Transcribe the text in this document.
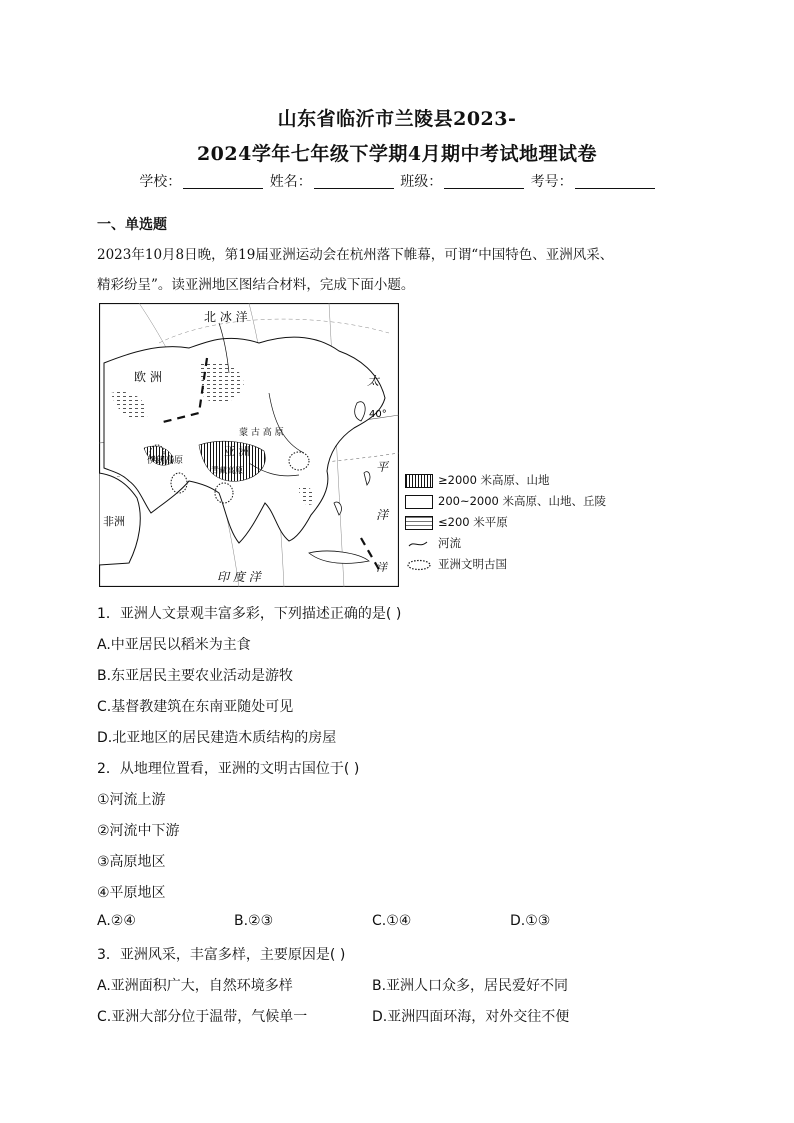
山东省临沂市兰陵县2023-
2024学年七年级下学期4月期中考试地理试卷
学校：	姓名：	班级：	考号：
一、单选题
2023年10月8日晚，第19届亚洲运动会在杭州落下帷幕，可谓“中国特色、亚洲风采、
精彩纷呈”。读亚洲地区图结合材料，完成下面小题。
北 冰 洋
欧 洲	太
40°
平
洋
蒙 古 高 原
亚 洲
伊朗高原
青藏高原
非洲
印 度 洋
洋
≥2000 米高原、山地
200~2000 米高原、山地、丘陵
≤200 米平原
河流
亚洲文明古国
1．亚洲人文景观丰富多彩，下列描述正确的是( )
A.中亚居民以稻米为主食
B.东亚居民主要农业活动是游牧
C.基督教建筑在东南亚随处可见
D.北亚地区的居民建造木质结构的房屋
2．从地理位置看，亚洲的文明古国位于( )
①河流上游
②河流中下游
③高原地区
④平原地区
A.②④	B.②③	C.①④	D.①③
3．亚洲风采，丰富多样，主要原因是( )
A.亚洲面积广大，自然环境多样	B.亚洲人口众多，居民爱好不同
C.亚洲大部分位于温带，气候单一	D.亚洲四面环海，对外交往不便
